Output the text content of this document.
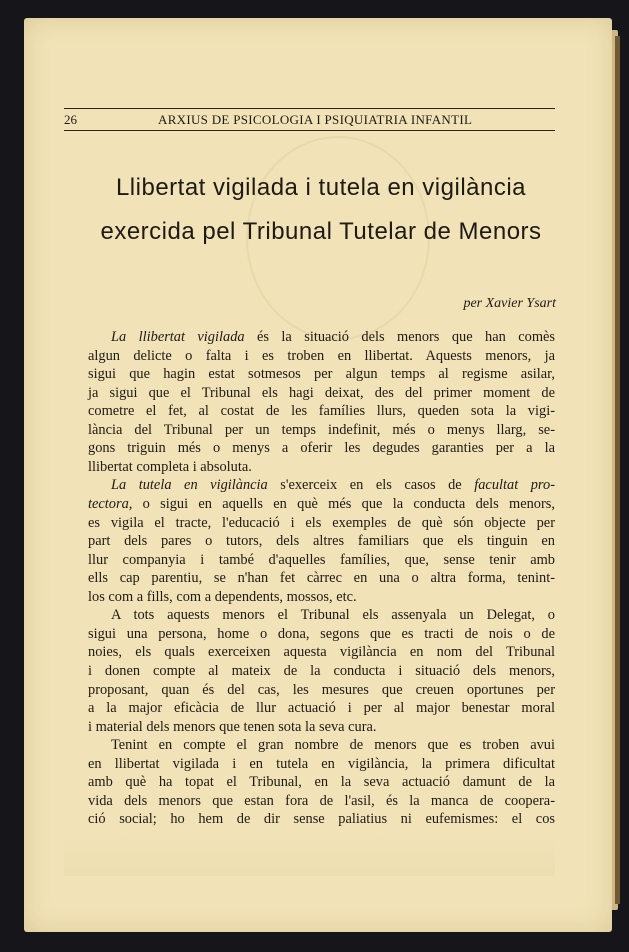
26	ARXIUS DE PSICOLOGIA I PSIQUIATRIA INFANTIL
Llibertat vigilada i tutela en vigilància
exercida pel Tribunal Tutelar de Menors
per Xavier Ysart
La llibertat vigilada és la situació dels menors que han comès
algun delicte o falta i es troben en llibertat. Aquests menors, ja
sigui que hagin estat sotmesos per algun temps al regisme asilar,
ja sigui que el Tribunal els hagi deixat, des del primer moment de
cometre el fet, al costat de les famílies llurs, queden sota la vigi-
lància del Tribunal per un temps indefinit, més o menys llarg, se-
gons triguin més o menys a oferir les degudes garanties per a la
llibertat completa i absoluta.
La tutela en vigilància s'exerceix en els casos de facultat pro-
tectora, o sigui en aquells en què més que la conducta dels menors,
es vigila el tracte, l'educació i els exemples de què són objecte per
part dels pares o tutors, dels altres familiars que els tinguin en
llur companyia i també d'aquelles famílies, que, sense tenir amb
ells cap parentiu, se n'han fet càrrec en una o altra forma, tenint-
los com a fills, com a dependents, mossos, etc.
A tots aquests menors el Tribunal els assenyala un Delegat, o
sigui una persona, home o dona, segons que es tracti de nois o de
noies, els quals exerceixen aquesta vigilància en nom del Tribunal
i donen compte al mateix de la conducta i situació dels menors,
proposant, quan és del cas, les mesures que creuen oportunes per
a la major eficàcia de llur actuació i per al major benestar moral
i material dels menors que tenen sota la seva cura.
Tenint en compte el gran nombre de menors que es troben avui
en llibertat vigilada i en tutela en vigilància, la primera dificultat
amb què ha topat el Tribunal, en la seva actuació damunt de la
vida dels menors que estan fora de l'asil, és la manca de coopera-
ció social; ho hem de dir sense paliatius ni eufemismes: el cos
